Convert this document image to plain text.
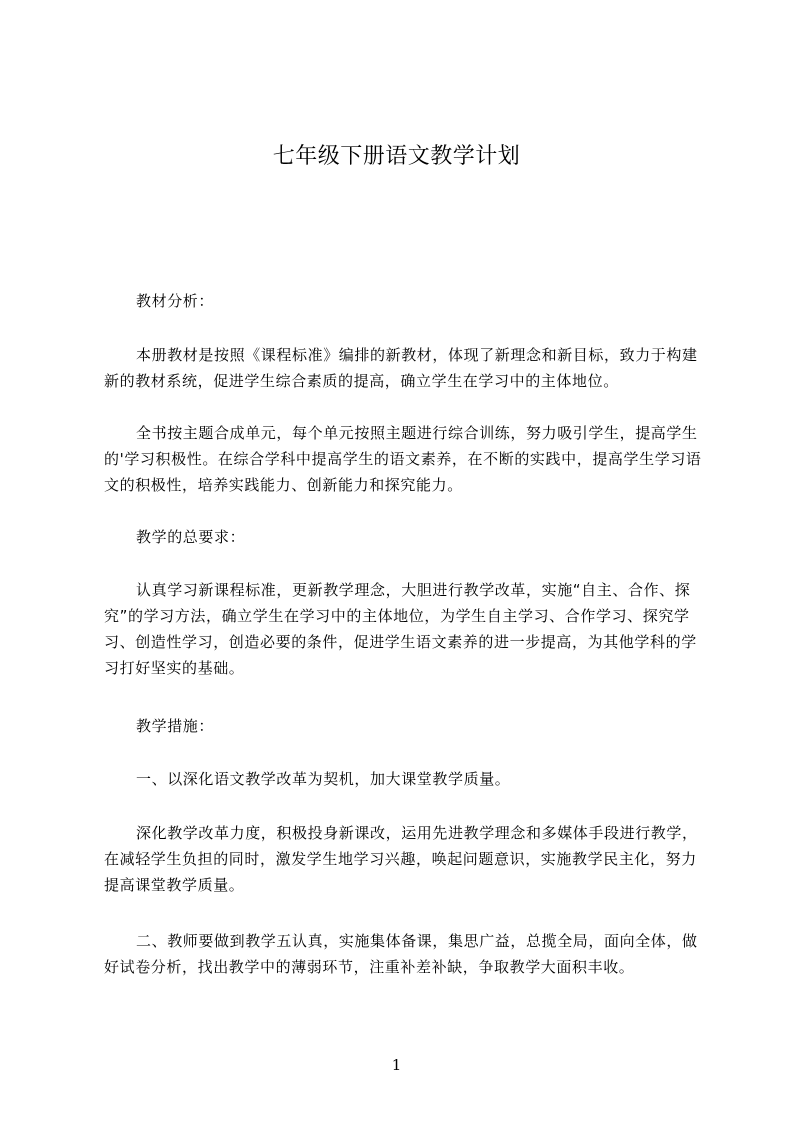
七年级下册语文教学计划

教材分析：

本册教材是按照《课程标准》编排的新教材，体现了新理念和新目标，致力于构建新的教材系统，促进学生综合素质的提高，确立学生在学习中的主体地位。

全书按主题合成单元，每个单元按照主题进行综合训练，努力吸引学生，提高学生的'学习积极性。在综合学科中提高学生的语文素养，在不断的实践中，提高学生学习语文的积极性，培养实践能力、创新能力和探究能力。

教学的总要求：

认真学习新课程标准，更新教学理念，大胆进行教学改革，实施“自主、合作、探究”的学习方法，确立学生在学习中的主体地位，为学生自主学习、合作学习、探究学习、创造性学习，创造必要的条件，促进学生语文素养的进一步提高，为其他学科的学习打好坚实的基础。

教学措施：

一、以深化语文教学改革为契机，加大课堂教学质量。

深化教学改革力度，积极投身新课改，运用先进教学理念和多媒体手段进行教学，在减轻学生负担的同时，激发学生地学习兴趣，唤起问题意识，实施教学民主化，努力提高课堂教学质量。

二、教师要做到教学五认真，实施集体备课，集思广益，总揽全局，面向全体，做好试卷分析，找出教学中的薄弱环节，注重补差补缺，争取教学大面积丰收。

1
